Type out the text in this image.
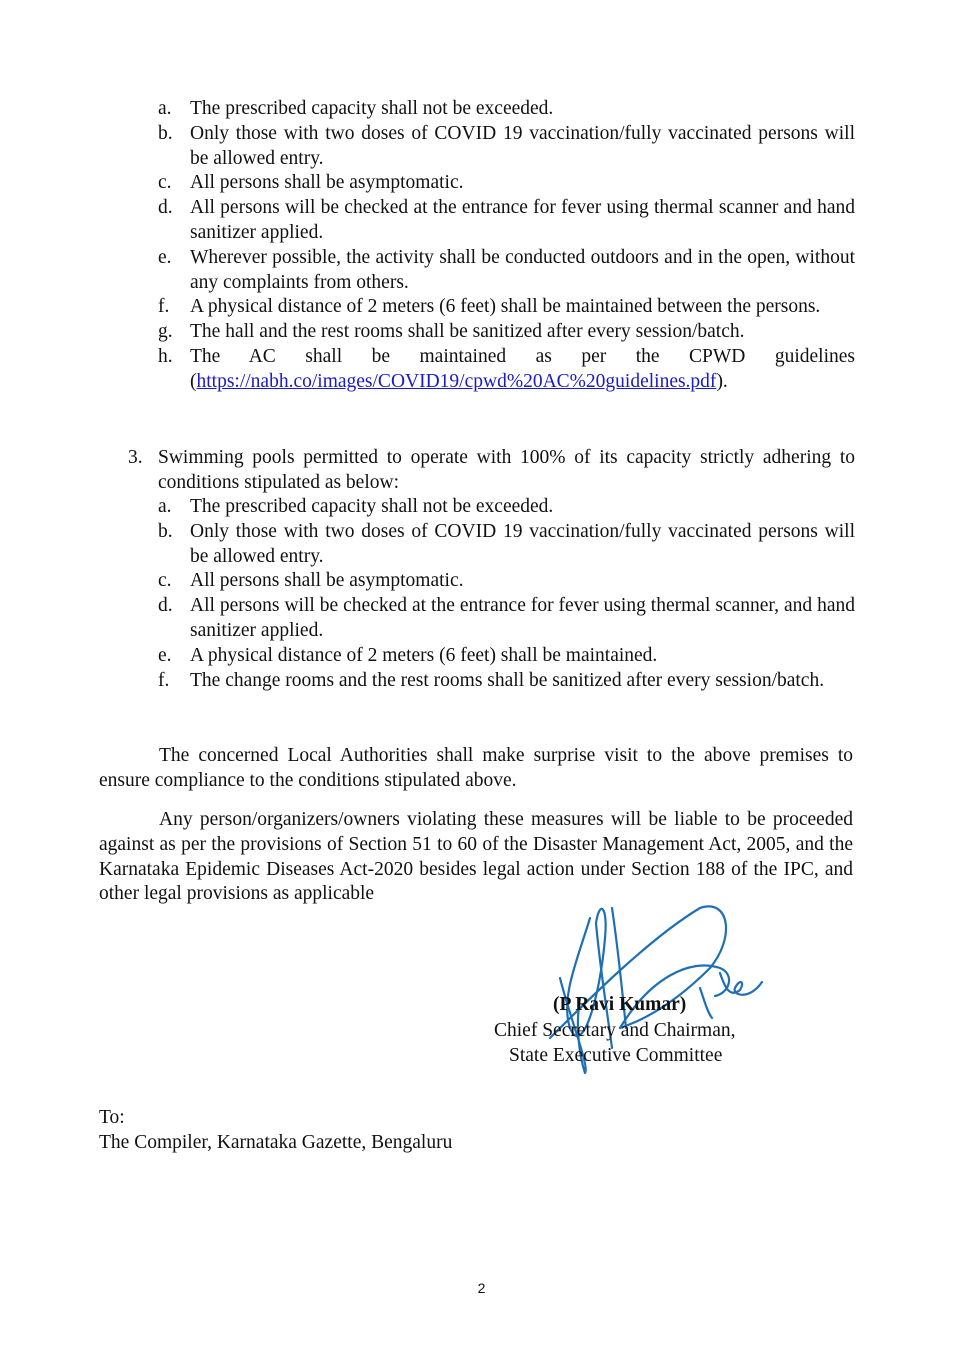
a. The prescribed capacity shall not be exceeded.
b. Only those with two doses of COVID 19 vaccination/fully vaccinated persons will be allowed entry.
c. All persons shall be asymptomatic.
d. All persons will be checked at the entrance for fever using thermal scanner and hand sanitizer applied.
e. Wherever possible, the activity shall be conducted outdoors and in the open, without any complaints from others.
f.	A physical distance of 2 meters (6 feet) shall be maintained between the persons.
g. The hall and the rest rooms shall be sanitized after every session/batch.
h. The AC shall be maintained as per the CPWD guidelines
(https://nabh.co/images/COVID19/cpwd%20AC%20guidelines.pdf).
3. Swimming pools permitted to operate with 100% of its capacity strictly adhering to conditions stipulated as below:
a. The prescribed capacity shall not be exceeded.
b. Only those with two doses of COVID 19 vaccination/fully vaccinated persons will be allowed entry.
c. All persons shall be asymptomatic.
d. All persons will be checked at the entrance for fever using thermal scanner, and hand sanitizer applied.
e. A physical distance of 2 meters (6 feet) shall be maintained.
f.	The change rooms and the rest rooms shall be sanitized after every session/batch.
The concerned Local Authorities shall make surprise visit to the above premises to ensure compliance to the conditions stipulated above.
Any person/organizers/owners violating these measures will be liable to be proceeded against as per the provisions of Section 51 to 60 of the Disaster Management Act, 2005, and the Karnataka Epidemic Diseases Act-2020 besides legal action under Section 188 of the IPC, and other legal provisions as applicable
(P Ravi Kumar)
Chief Secretary and Chairman,
State Executive Committee
To:
The Compiler, Karnataka Gazette, Bengaluru
2
